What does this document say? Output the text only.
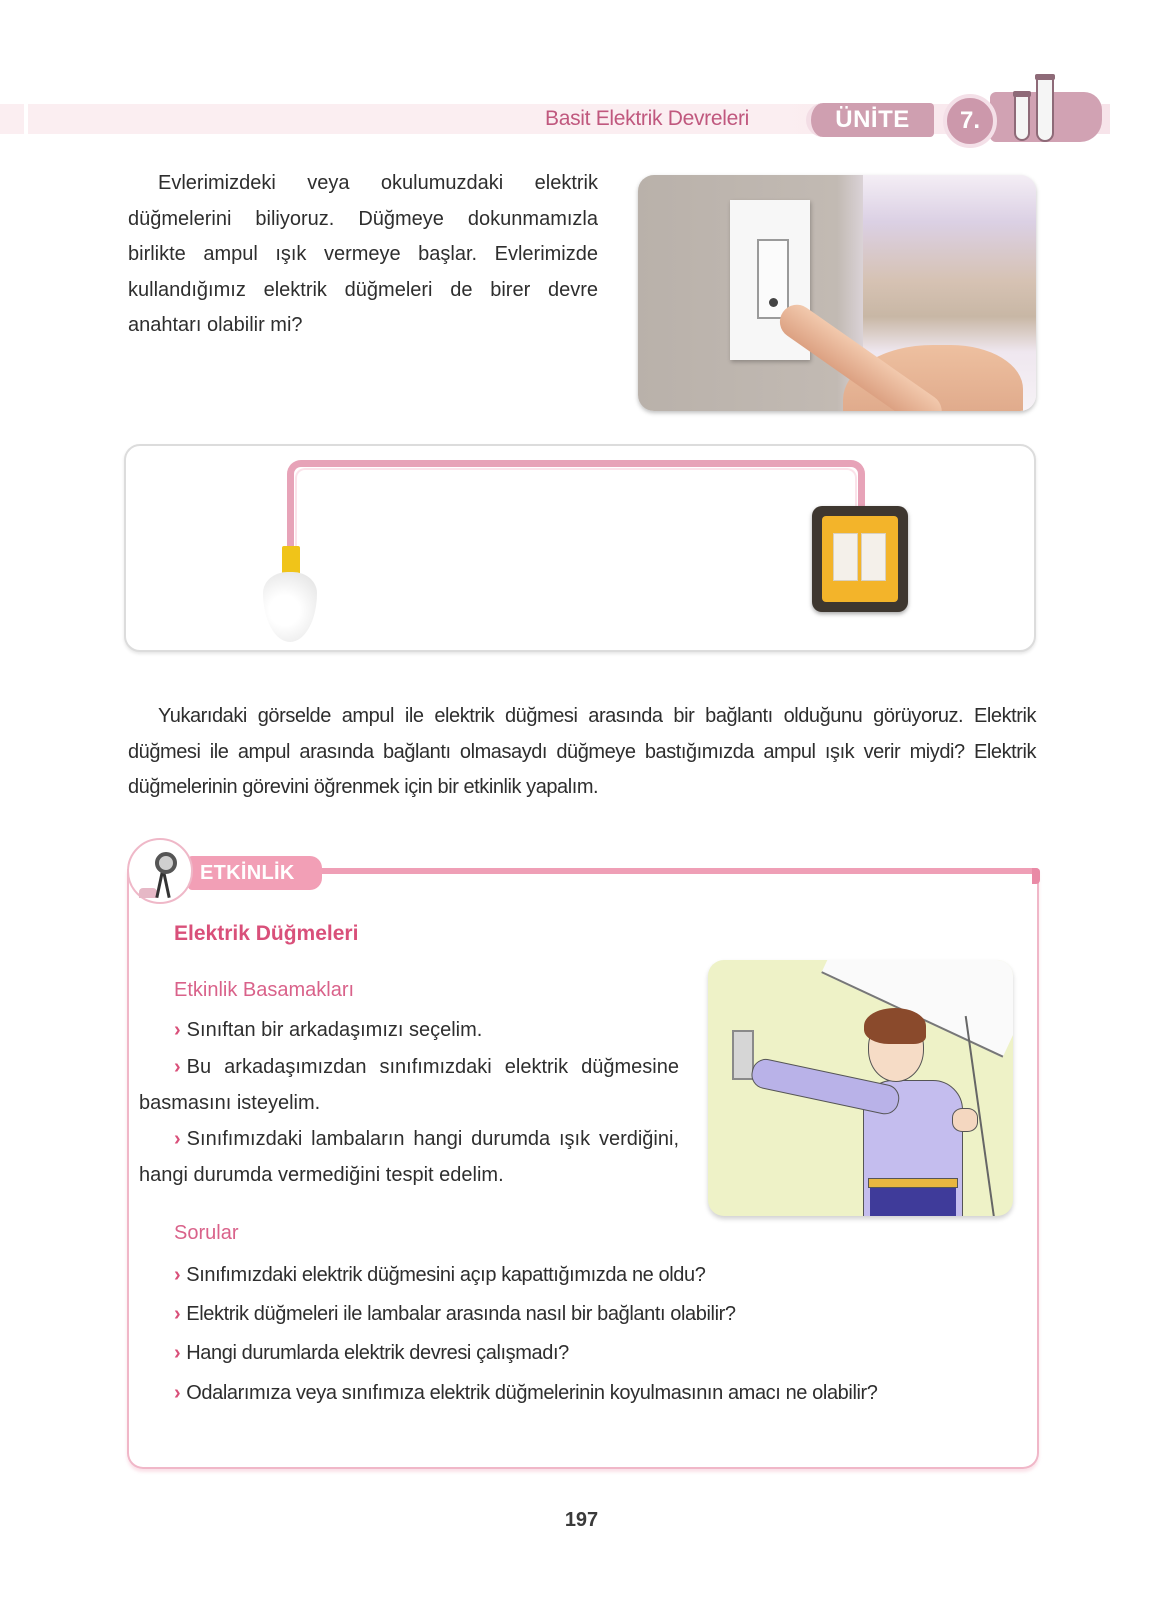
Basit Elektrik Devreleri	ÜNİTE	7.

Evlerimizdeki veya okulumuzdaki elektrik düğmelerini biliyoruz. Düğmeye dokunmamızla birlikte ampul ışık vermeye başlar. Evlerimizde kullandığımız elektrik düğmeleri de birer devre anahtarı olabilir mi?

Yukarıdaki görselde ampul ile elektrik düğmesi arasında bir bağlantı olduğunu görüyoruz. Elektrik düğmesi ile ampul arasında bağlantı olmasaydı düğmeye bastığımızda ampul ışık verir miydi? Elektrik düğmelerinin görevini öğrenmek için bir etkinlik yapalım.

ETKİNLİK
Elektrik Düğmeleri
Etkinlik Basamakları

› Sınıftan bir arkadaşımızı seçelim.

› Bu arkadaşımızdan sınıfımızdaki elektrik düğmesine basmasını isteyelim.

› Sınıfımızdaki lambaların hangi durumda ışık verdiğini, hangi durumda vermediğini tespit edelim.

Sorular

› Sınıfımızdaki elektrik düğmesini açıp kapattığımızda ne oldu?

› Elektrik düğmeleri ile lambalar arasında nasıl bir bağlantı olabilir?

› Hangi durumlarda elektrik devresi çalışmadı?

› Odalarımıza veya sınıfımıza elektrik düğmelerinin koyulmasının amacı ne olabilir?

197
